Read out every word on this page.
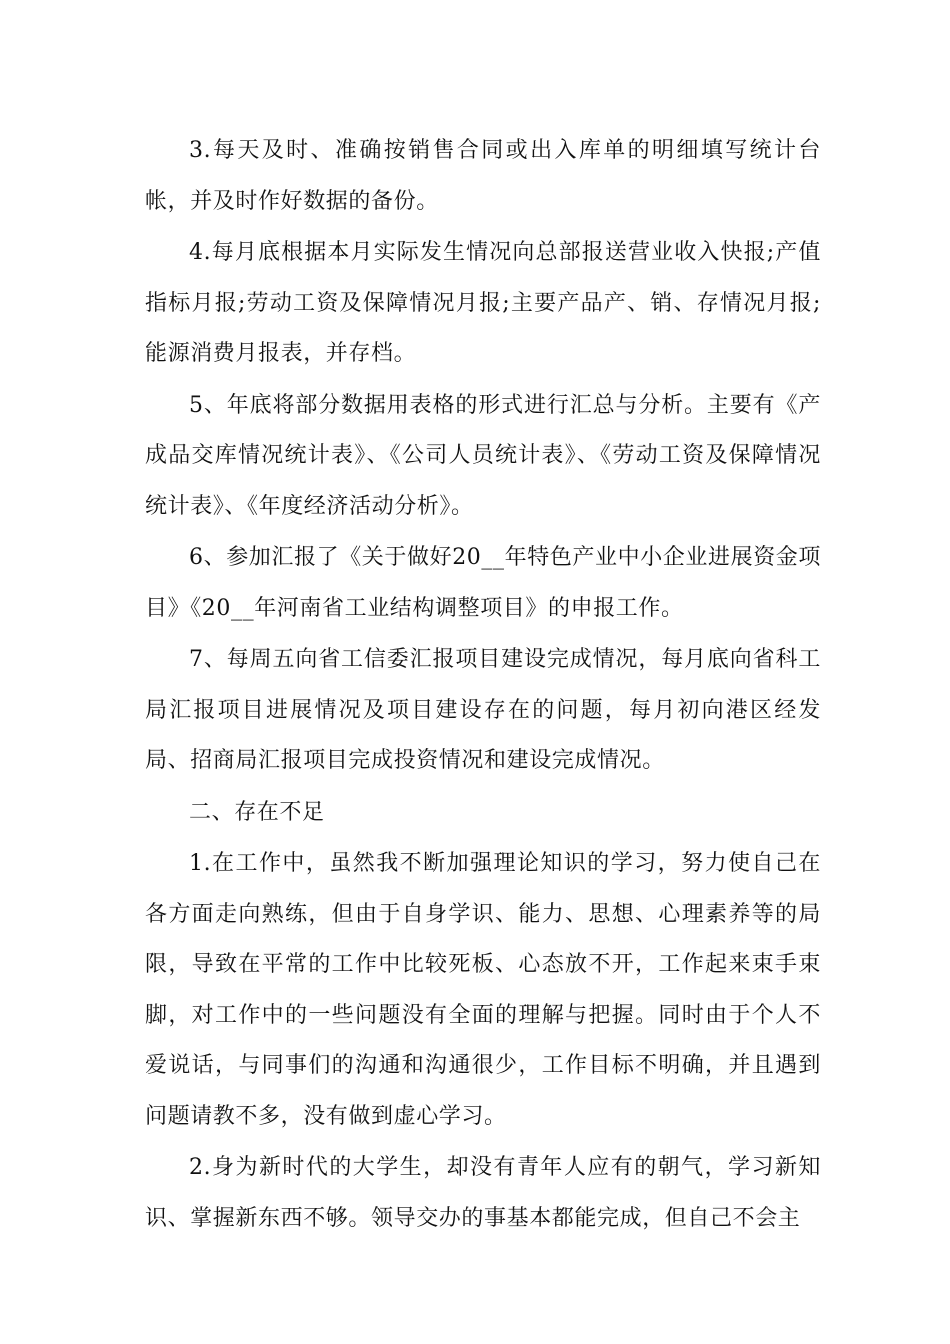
3.每天及时、准确按销售合同或出入库单的明细填写统计台帐，并及时作好数据的备份。

4.每月底根据本月实际发生情况向总部报送营业收入快报;产值指标月报;劳动工资及保障情况月报;主要产品产、销、存情况月报;能源消费月报表，并存档。

5、年底将部分数据用表格的形式进行汇总与分析。主要有《产成品交库情况统计表》、《公司人员统计表》、《劳动工资及保障情况统计表》、《年度经济活动分析》。

6、参加汇报了《关于做好20__年特色产业中小企业进展资金项目》《20__年河南省工业结构调整项目》的申报工作。

7、每周五向省工信委汇报项目建设完成情况，每月底向省科工局汇报项目进展情况及项目建设存在的问题，每月初向港区经发局、招商局汇报项目完成投资情况和建设完成情况。

二、存在不足

1.在工作中，虽然我不断加强理论知识的学习，努力使自己在各方面走向熟练，但由于自身学识、能力、思想、心理素养等的局限，导致在平常的工作中比较死板、心态放不开，工作起来束手束脚，对工作中的一些问题没有全面的理解与把握。同时由于个人不爱说话，与同事们的沟通和沟通很少，工作目标不明确，并且遇到问题请教不多，没有做到虚心学习。

2.身为新时代的大学生，却没有青年人应有的朝气，学习新知识、掌握新东西不够。领导交办的事基本都能完成，但自己不会主
